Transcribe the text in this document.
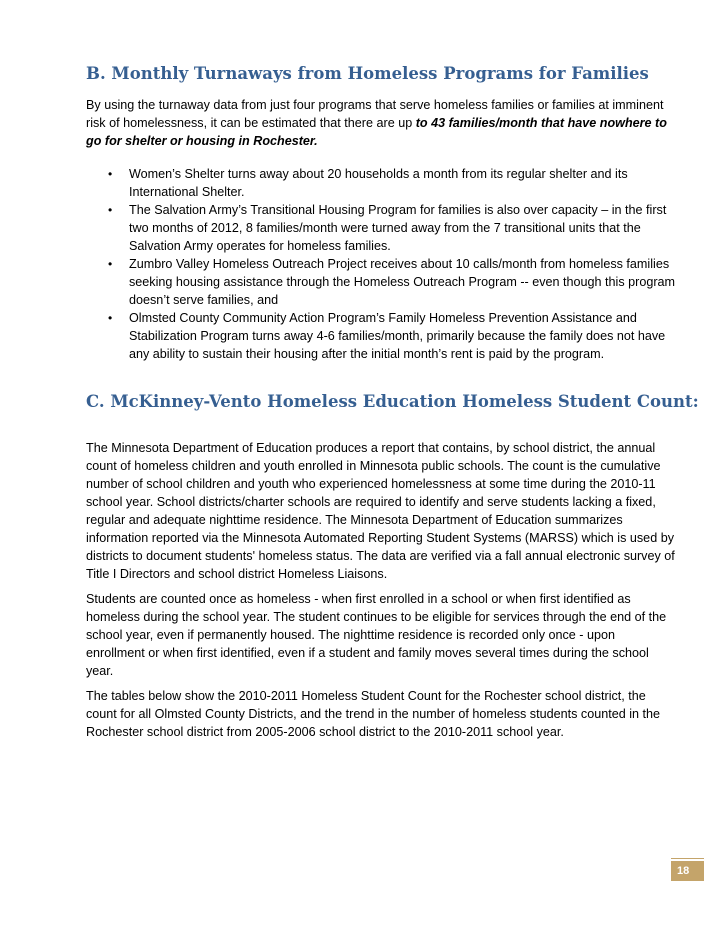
B. Monthly Turnaways from Homeless Programs for Families

By using the turnaway data from just four programs that serve homeless families or families at imminent risk of homelessness, it can be estimated that there are up to 43 families/month that have nowhere to go for shelter or housing in Rochester.

• Women’s Shelter turns away about 20 households a month from its regular shelter and its International Shelter.
• The Salvation Army’s Transitional Housing Program for families is also over capacity – in the first two months of 2012, 8 families/month were turned away from the 7 transitional units that the Salvation Army operates for homeless families.
• Zumbro Valley Homeless Outreach Project receives about 10 calls/month from homeless families seeking housing assistance through the Homeless Outreach Program -- even though this program doesn’t serve families, and
• Olmsted County Community Action Program’s Family Homeless Prevention Assistance and Stabilization Program turns away 4-6 families/month, primarily because the family does not have any ability to sustain their housing after the initial month’s rent is paid by the program.
C. McKinney-Vento Homeless Education Homeless Student Count:

The Minnesota Department of Education produces a report that contains, by school district, the annual count of homeless children and youth enrolled in Minnesota public schools. The count is the cumulative number of school children and youth who experienced homelessness at some time during the 2010-11 school year. School districts/charter schools are required to identify and serve students lacking a fixed, regular and adequate nighttime residence. The Minnesota Department of Education summarizes information reported via the Minnesota Automated Reporting Student Systems (MARSS) which is used by districts to document students' homeless status. The data are verified via a fall annual electronic survey of Title I Directors and school district Homeless Liaisons.

Students are counted once as homeless - when first enrolled in a school or when first identified as homeless during the school year. The student continues to be eligible for services through the end of the school year, even if permanently housed. The nighttime residence is recorded only once - upon enrollment or when first identified, even if a student and family moves several times during the school year.

The tables below show the 2010-2011 Homeless Student Count for the Rochester school district, the count for all Olmsted County Districts, and the trend in the number of homeless students counted in the Rochester school district from 2005-2006 school district to the 2010-2011 school year.

18
